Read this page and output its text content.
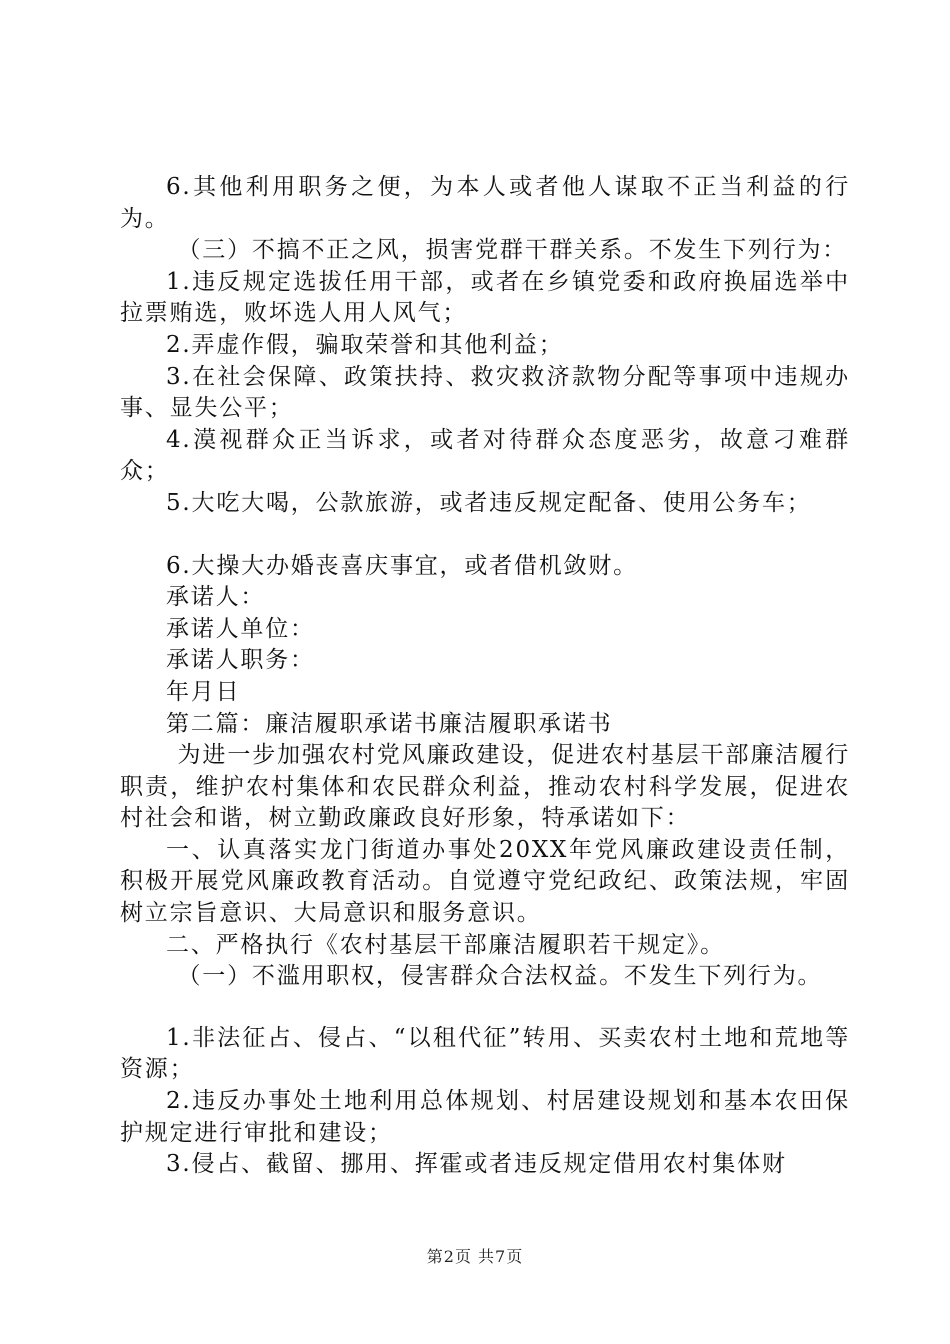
6.其他利用职务之便，为本人或者他人谋取不正当利益的行为。

（三）不搞不正之风，损害党群干群关系。不发生下列行为：

1.违反规定选拔任用干部，或者在乡镇党委和政府换届选举中拉票贿选，败坏选人用人风气；

2.弄虚作假，骗取荣誉和其他利益；

3.在社会保障、政策扶持、救灾救济款物分配等事项中违规办事、显失公平；

4.漠视群众正当诉求，或者对待群众态度恶劣，故意刁难群众；

5.大吃大喝，公款旅游，或者违反规定配备、使用公务车；

6.大操大办婚丧喜庆事宜，或者借机敛财。

承诺人：

承诺人单位：

承诺人职务：

年月日

第二篇：廉洁履职承诺书廉洁履职承诺书

为进一步加强农村党风廉政建设，促进农村基层干部廉洁履行职责，维护农村集体和农民群众利益，推动农村科学发展，促进农村社会和谐，树立勤政廉政良好形象，特承诺如下：

一、认真落实龙门街道办事处20XX年党风廉政建设责任制，积极开展党风廉政教育活动。自觉遵守党纪政纪、政策法规，牢固树立宗旨意识、大局意识和服务意识。

二、严格执行《农村基层干部廉洁履职若干规定》。

（一）不滥用职权，侵害群众合法权益。不发生下列行为。

1.非法征占、侵占、“以租代征”转用、买卖农村土地和荒地等资源；

2.违反办事处土地利用总体规划、村居建设规划和基本农田保护规定进行审批和建设；

3.侵占、截留、挪用、挥霍或者违反规定借用农村集体财

第2页 共7页
